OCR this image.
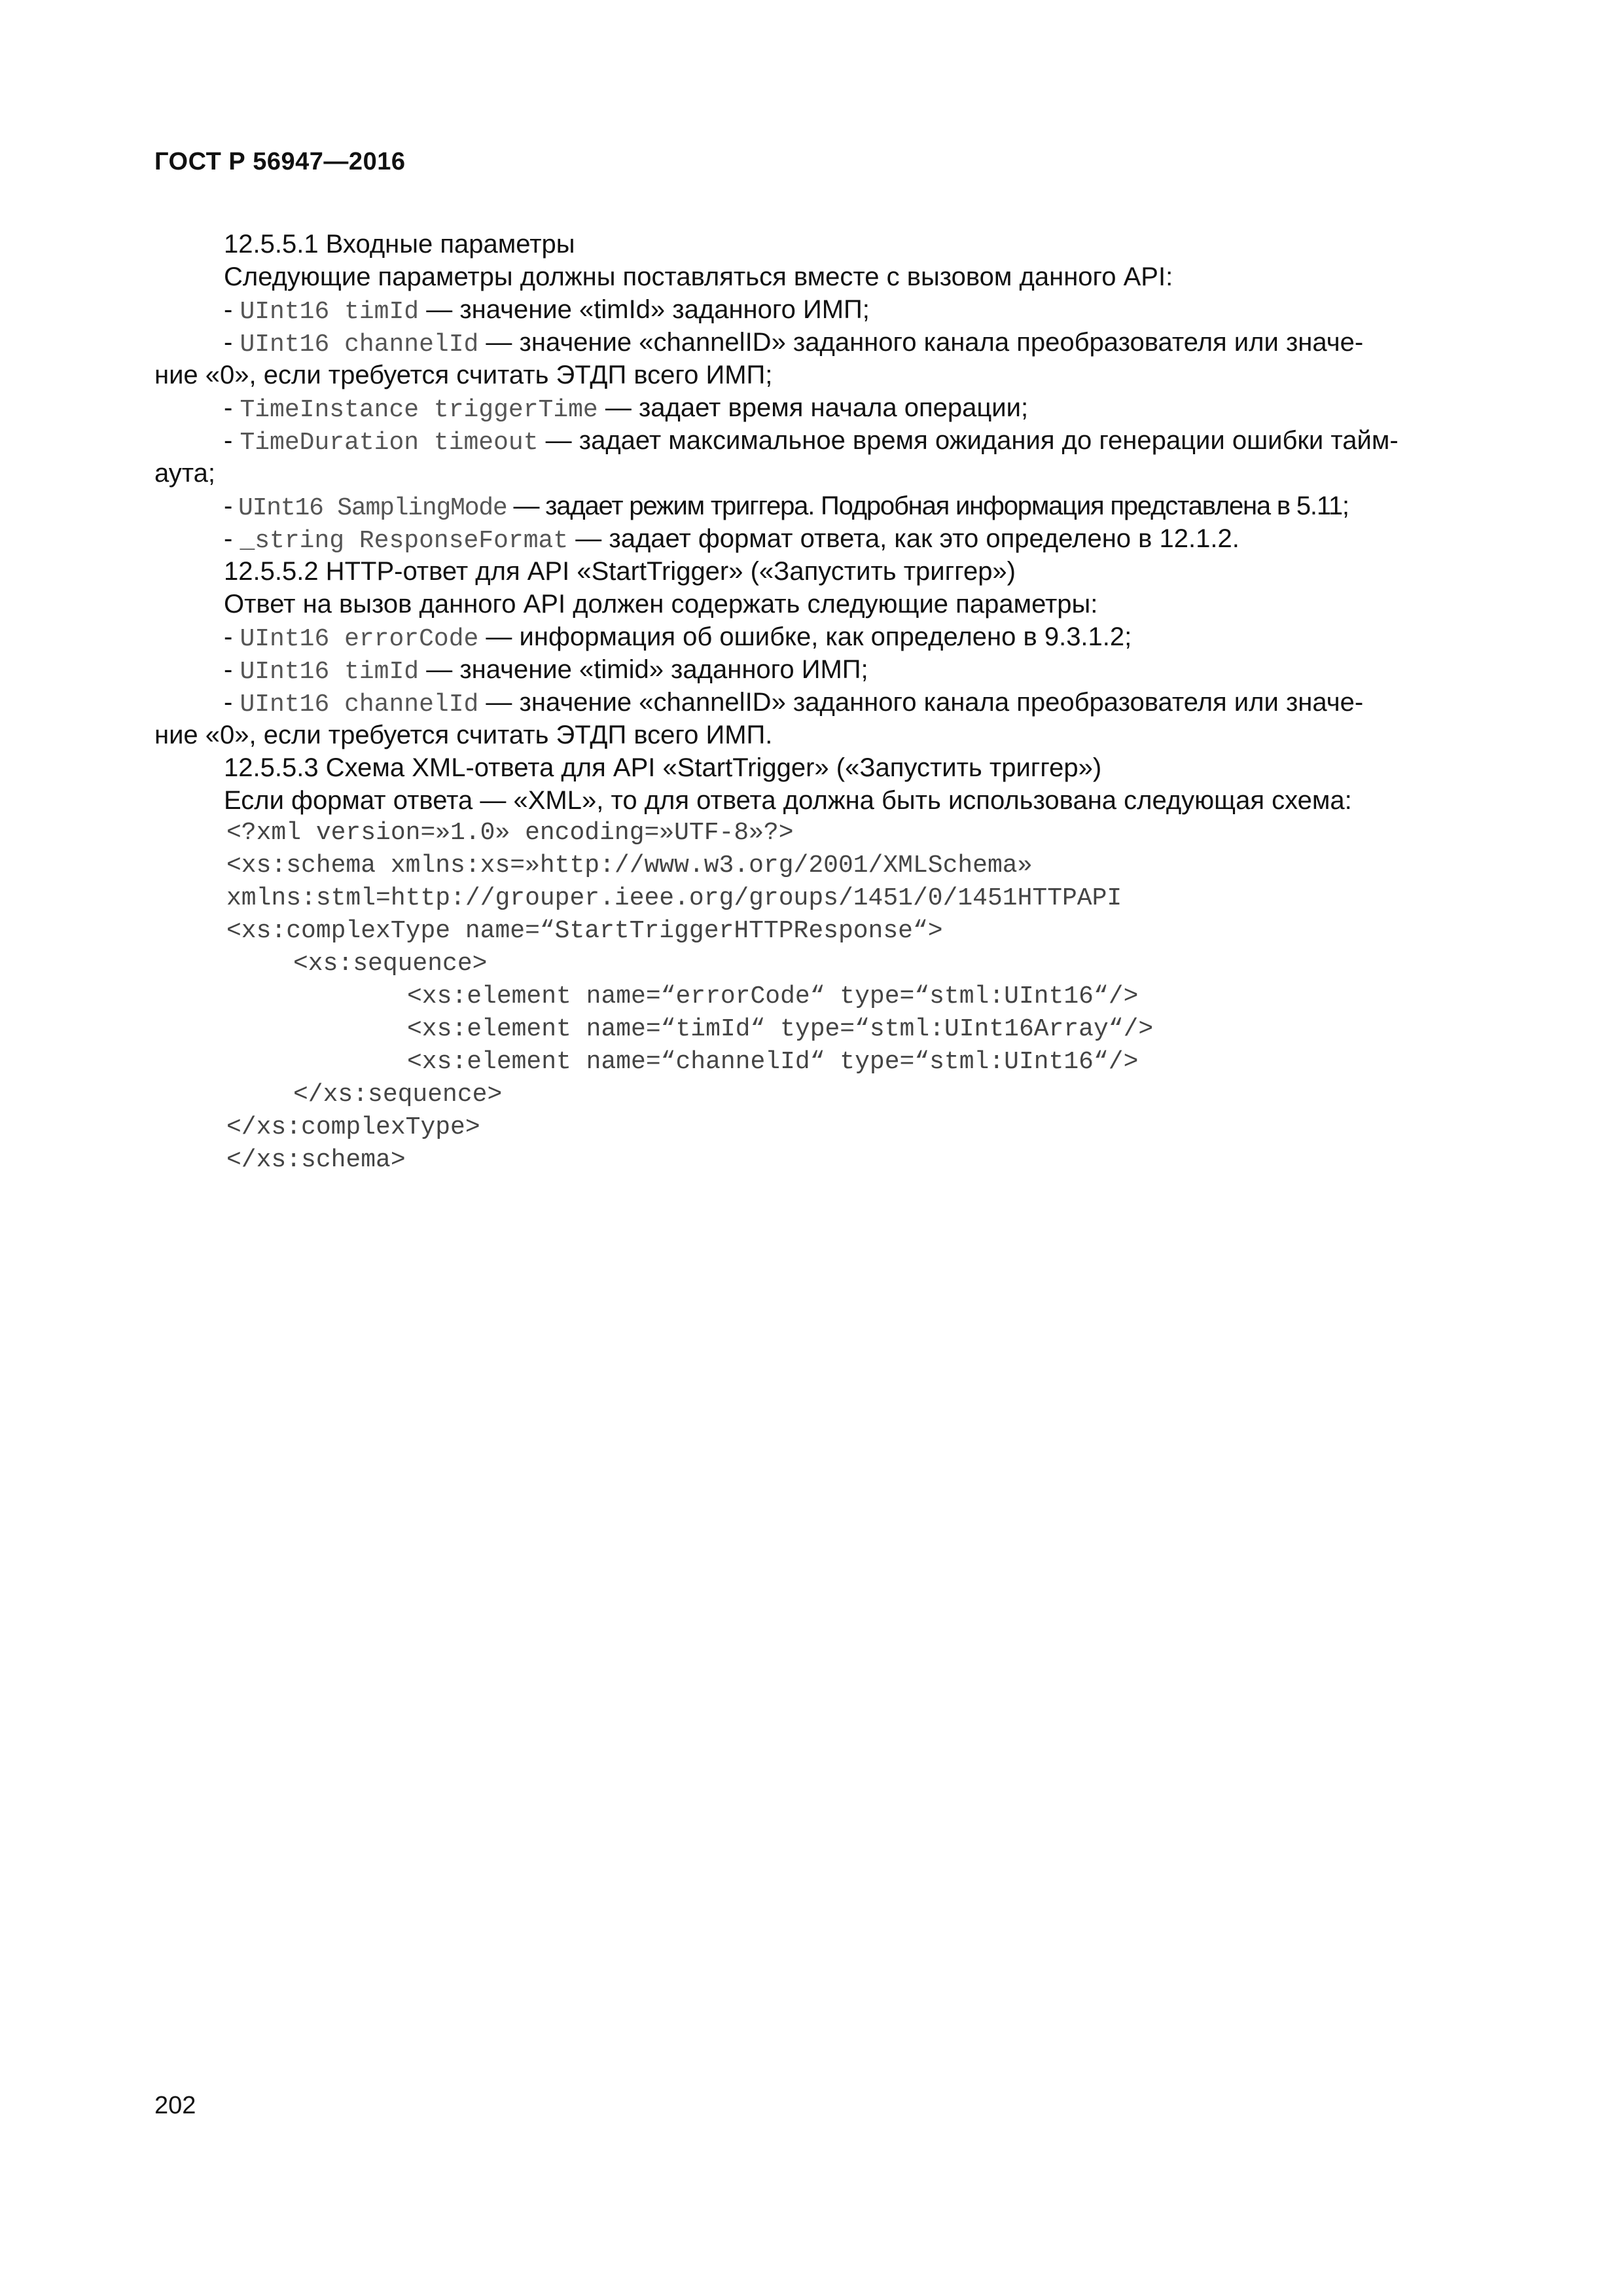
ГОСТ Р 56947—2016
12.5.5.1 Входные параметры
Следующие параметры должны поставляться вместе с вызовом данного API:
- UInt16 timId — значение «timId» заданного ИМП;
- UInt16 channelId — значение «channelID» заданного канала преобразователя или значе-
ние «0», если требуется считать ЭТДП всего ИМП;
- TimeInstance triggerTime — задает время начала операции;
- TimeDuration timeout — задает максимальное время ожидания до генерации ошибки тайм-
аута;
- UInt16 SamplingMode — задает режим триггера. Подробная информация представлена в 5.11;
- _string ResponseFormat — задает формат ответа, как это определено в 12.1.2.
12.5.5.2 HTTP-ответ для API «StartTrigger» («Запустить триггер»)
Ответ на вызов данного API должен содержать следующие параметры:
- UInt16 errorCode — информация об ошибке, как определено в 9.3.1.2;
- UInt16 timId — значение «timid» заданного ИМП;
- UInt16 channelId — значение «channelID» заданного канала преобразователя или значе-
ние «0», если требуется считать ЭТДП всего ИМП.
12.5.5.3 Схема XML-ответа для API «StartTrigger» («Запустить триггер»)
Если формат ответа — «XML», то для ответа должна быть использована следующая схема:
<?xml version=»1.0» encoding=»UTF-8»?>
<xs:schema xmlns:xs=»http://www.w3.org/2001/XMLSchema»
xmlns:stml=http://grouper.ieee.org/groups/1451/0/1451HTTPAPI
<xs:complexType name=“StartTriggerHTTPResponse“>
<xs:sequence>
<xs:element name=“errorCode“ type=“stml:UInt16“/>
<xs:element name=“timId“ type=“stml:UInt16Array“/>
<xs:element name=“channelId“ type=“stml:UInt16“/>
</xs:sequence>
</xs:complexType>
</xs:schema>
202
